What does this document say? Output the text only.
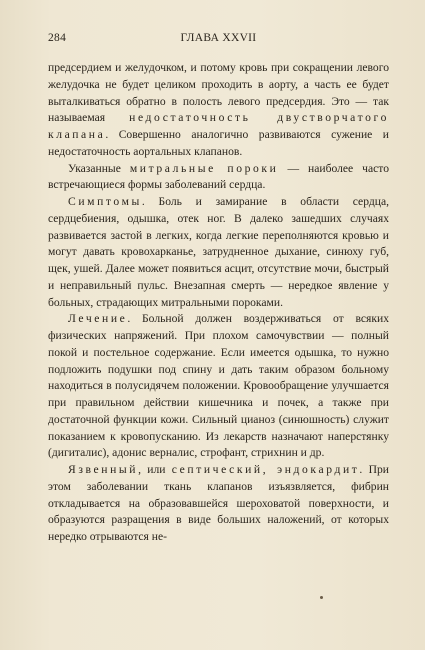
284	ГЛАВА XXVII

предсердием и желудочком, и потому кровь при сокращении левого желудочка не будет целиком проходить в аорту, а часть ее будет выталкиваться обратно в полость левого предсердия. Это — так называемая недостаточность двустворчатого клапана. Совершенно аналогично развиваются сужение и недостаточность аортальных клапанов.

Указанные митральные пороки — наиболее часто встречающиеся формы заболеваний сердца.

Симптомы. Боль и замирание в области сердца, сердцебиения, одышка, отек ног. В далеко зашедших случаях развивается застой в легких, когда легкие переполняются кровью и могут давать кровохарканье, затрудненное дыхание, синюху губ, щек, ушей. Далее может появиться асцит, отсутствие мочи, быстрый и неправильный пульс. Внезапная смерть — нередкое явление у больных, страдающих митральными пороками.

Лечение. Больной должен воздерживаться от всяких физических напряжений. При плохом самочувствии — полный покой и постельное содержание. Если имеется одышка, то нужно подложить подушки под спину и дать таким образом больному находиться в полусидячем положении. Кровообращение улучшается при правильном действии кишечника и почек, а также при достаточной функции кожи. Сильный цианоз (синюшность) служит показанием к кровопусканию. Из лекарств назначают наперстянку (дигиталис), адонис верналис, строфант, стрихнин и др.

Язвенный, или септический, эндокардит. При этом заболевании ткань клапанов изъязвляется, фибрин откладывается на образовавшейся шероховатой поверхности, и образуются разращения в виде больших наложений, от которых нередко отрываются не-
